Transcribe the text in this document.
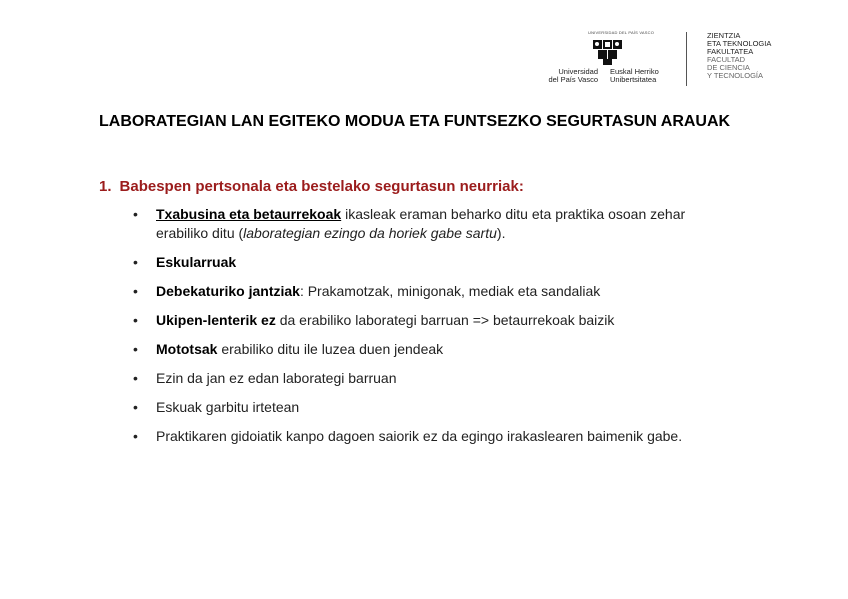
UNIVERSIDAD DEL PAÍS VASCO
Universidad
del País Vasco
Euskal Herriko
Unibertsitatea
ZIENTZIA
ETA TEKNOLOGIA
FAKULTATEA
FACULTAD
DE CIENCIA
Y TECNOLOGÍA
LABORATEGIAN LAN EGITEKO MODUA ETA FUNTSEZKO SEGURTASUN ARAUAK
1. Babespen pertsonala eta bestelako segurtasun neurriak:
• Txabusina eta betaurrekoak ikasleak eraman beharko ditu eta praktika osoan zehar erabiliko ditu (laborategian ezingo da horiek gabe sartu).
• Eskularruak
• Debekaturiko jantziak: Prakamotzak, minigonak, mediak eta sandaliak
• Ukipen-lenterik ez da erabiliko laborategi barruan => betaurrekoak baizik
• Mototsak erabiliko ditu ile luzea duen jendeak
• Ezin da jan ez edan laborategi barruan
• Eskuak garbitu irtetean
• Praktikaren gidoiatik kanpo dagoen saiorik ez da egingo irakaslearen baimenik gabe.
